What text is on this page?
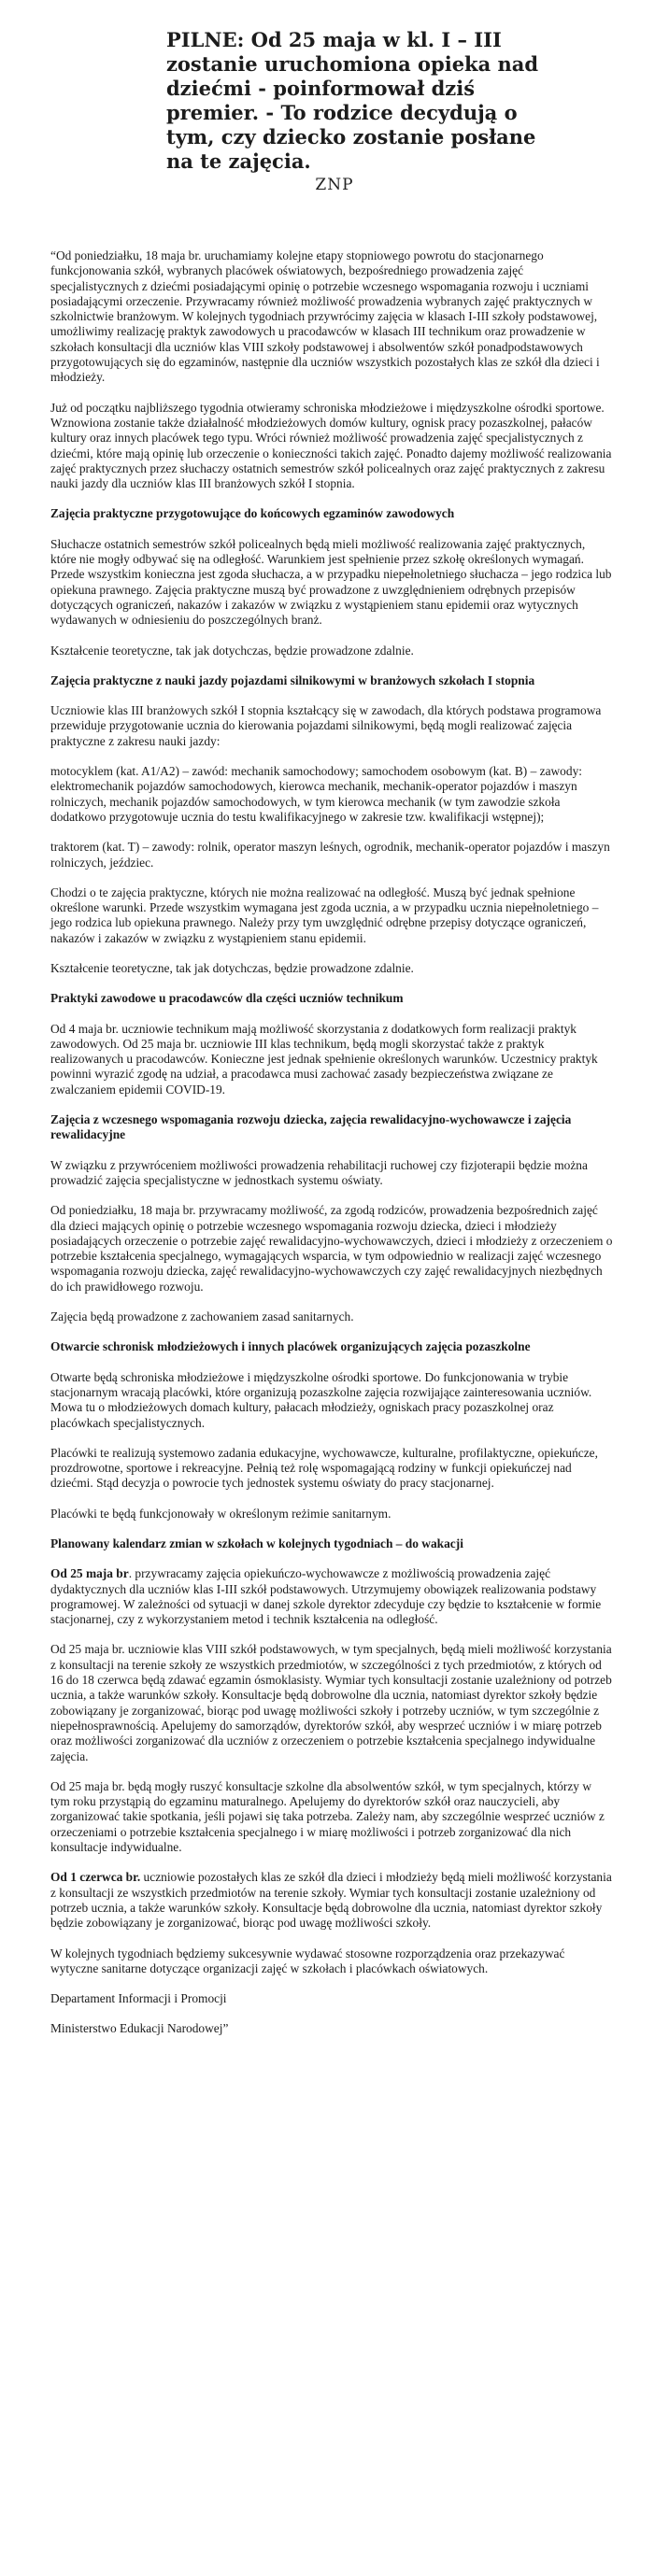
PILNE: Od 25 maja w kl. I – III zostanie uruchomiona opieka nad dziećmi - poinformował dziś premier. - To rodzice decydują o tym, czy dziecko zostanie posłane na te zajęcia.
ZNP

“Od poniedziałku, 18 maja br. uruchamiamy kolejne etapy stopniowego powrotu do stacjonarnego funkcjonowania szkół, wybranych placówek oświatowych, bezpośredniego prowadzenia zajęć specjalistycznych z dziećmi posiadającymi opinię o potrzebie wczesnego wspomagania rozwoju i uczniami posiadającymi orzeczenie. Przywracamy również możliwość prowadzenia wybranych zajęć praktycznych w szkolnictwie branżowym. W kolejnych tygodniach przywrócimy zajęcia w klasach I-III szkoły podstawowej, umożliwimy realizację praktyk zawodowych u pracodawców w klasach III technikum oraz prowadzenie w szkołach konsultacji dla uczniów klas VIII szkoły podstawowej i absolwentów szkół ponadpodstawowych przygotowujących się do egzaminów, następnie dla uczniów wszystkich pozostałych klas ze szkół dla dzieci i młodzieży.

Już od początku najbliższego tygodnia otwieramy schroniska młodzieżowe i międzyszkolne ośrodki sportowe. Wznowiona zostanie także działalność młodzieżowych domów kultury, ognisk pracy pozaszkolnej, pałaców kultury oraz innych placówek tego typu. Wróci również możliwość prowadzenia zajęć specjalistycznych z dziećmi, które mają opinię lub orzeczenie o konieczności takich zajęć. Ponadto dajemy możliwość realizowania zajęć praktycznych przez słuchaczy ostatnich semestrów szkół policealnych oraz zajęć praktycznych z zakresu nauki jazdy dla uczniów klas III branżowych szkół I stopnia.

Zajęcia praktyczne przygotowujące do końcowych egzaminów zawodowych

Słuchacze ostatnich semestrów szkół policealnych będą mieli możliwość realizowania zajęć praktycznych, które nie mogły odbywać się na odległość. Warunkiem jest spełnienie przez szkołę określonych wymagań. Przede wszystkim konieczna jest zgoda słuchacza, a w przypadku niepełnoletniego słuchacza – jego rodzica lub opiekuna prawnego. Zajęcia praktyczne muszą być prowadzone z uwzględnieniem odrębnych przepisów dotyczących ograniczeń, nakazów i zakazów w związku z wystąpieniem stanu epidemii oraz wytycznych wydawanych w odniesieniu do poszczególnych branż.

Kształcenie teoretyczne, tak jak dotychczas, będzie prowadzone zdalnie.

Zajęcia praktyczne z nauki jazdy pojazdami silnikowymi w branżowych szkołach I stopnia

Uczniowie klas III branżowych szkół I stopnia kształcący się w zawodach, dla których podstawa programowa przewiduje przygotowanie ucznia do kierowania pojazdami silnikowymi, będą mogli realizować zajęcia praktyczne z zakresu nauki jazdy:

motocyklem (kat. A1/A2) – zawód: mechanik samochodowy; samochodem osobowym (kat. B) – zawody: elektromechanik pojazdów samochodowych, kierowca mechanik, mechanik-operator pojazdów i maszyn rolniczych, mechanik pojazdów samochodowych, w tym kierowca mechanik (w tym zawodzie szkoła dodatkowo przygotowuje ucznia do testu kwalifikacyjnego w zakresie tzw. kwalifikacji wstępnej);

traktorem (kat. T) – zawody: rolnik, operator maszyn leśnych, ogrodnik, mechanik-operator pojazdów i maszyn rolniczych, jeździec.

Chodzi o te zajęcia praktyczne, których nie można realizować na odległość. Muszą być jednak spełnione określone warunki. Przede wszystkim wymagana jest zgoda ucznia, a w przypadku ucznia niepełnoletniego – jego rodzica lub opiekuna prawnego. Należy przy tym uwzględnić odrębne przepisy dotyczące ograniczeń, nakazów i zakazów w związku z wystąpieniem stanu epidemii.

Kształcenie teoretyczne, tak jak dotychczas, będzie prowadzone zdalnie.

Praktyki zawodowe u pracodawców dla części uczniów technikum

Od 4 maja br. uczniowie technikum mają możliwość skorzystania z dodatkowych form realizacji praktyk zawodowych. Od 25 maja br. uczniowie III klas technikum, będą mogli skorzystać także z praktyk realizowanych u pracodawców. Konieczne jest jednak spełnienie określonych warunków. Uczestnicy praktyk powinni wyrazić zgodę na udział, a pracodawca musi zachować zasady bezpieczeństwa związane ze zwalczaniem epidemii COVID-19.

Zajęcia z wczesnego wspomagania rozwoju dziecka, zajęcia rewalidacyjno-wychowawcze i zajęcia rewalidacyjne

W związku z przywróceniem możliwości prowadzenia rehabilitacji ruchowej czy fizjoterapii będzie można prowadzić zajęcia specjalistyczne w jednostkach systemu oświaty.

Od poniedziałku, 18 maja br. przywracamy możliwość, za zgodą rodziców, prowadzenia bezpośrednich zajęć dla dzieci mających opinię o potrzebie wczesnego wspomagania rozwoju dziecka, dzieci i młodzieży posiadających orzeczenie o potrzebie zajęć rewalidacyjno-wychowawczych, dzieci i młodzieży z orzeczeniem o potrzebie kształcenia specjalnego, wymagających wsparcia, w tym odpowiednio w realizacji zajęć wczesnego wspomagania rozwoju dziecka, zajęć rewalidacyjno-wychowawczych czy zajęć rewalidacyjnych niezbędnych do ich prawidłowego rozwoju.

Zajęcia będą prowadzone z zachowaniem zasad sanitarnych.

Otwarcie schronisk młodzieżowych i innych placówek organizujących zajęcia pozaszkolne

Otwarte będą schroniska młodzieżowe i międzyszkolne ośrodki sportowe. Do funkcjonowania w trybie stacjonarnym wracają placówki, które organizują pozaszkolne zajęcia rozwijające zainteresowania uczniów. Mowa tu o młodzieżowych domach kultury, pałacach młodzieży, ogniskach pracy pozaszkolnej oraz placówkach specjalistycznych.

Placówki te realizują systemowo zadania edukacyjne, wychowawcze, kulturalne, profilaktyczne, opiekuńcze, prozdrowotne, sportowe i rekreacyjne. Pełnią też rolę wspomagającą rodziny w funkcji opiekuńczej nad dziećmi. Stąd decyzja o powrocie tych jednostek systemu oświaty do pracy stacjonarnej.

Placówki te będą funkcjonowały w określonym reżimie sanitarnym.

Planowany kalendarz zmian w szkołach w kolejnych tygodniach – do wakacji

Od 25 maja br. przywracamy zajęcia opiekuńczo-wychowawcze z możliwością prowadzenia zajęć dydaktycznych dla uczniów klas I-III szkół podstawowych. Utrzymujemy obowiązek realizowania podstawy programowej. W zależności od sytuacji w danej szkole dyrektor zdecyduje czy będzie to kształcenie w formie stacjonarnej, czy z wykorzystaniem metod i technik kształcenia na odległość.

Od 25 maja br. uczniowie klas VIII szkół podstawowych, w tym specjalnych, będą mieli możliwość korzystania z konsultacji na terenie szkoły ze wszystkich przedmiotów, w szczególności z tych przedmiotów, z których od 16 do 18 czerwca będą zdawać egzamin ósmoklasisty. Wymiar tych konsultacji zostanie uzależniony od potrzeb ucznia, a także warunków szkoły. Konsultacje będą dobrowolne dla ucznia, natomiast dyrektor szkoły będzie zobowiązany je zorganizować, biorąc pod uwagę możliwości szkoły i potrzeby uczniów, w tym szczególnie z niepełnosprawnością. Apelujemy do samorządów, dyrektorów szkół, aby wesprzeć uczniów i w miarę potrzeb oraz możliwości zorganizować dla uczniów z orzeczeniem o potrzebie kształcenia specjalnego indywidualne zajęcia.

Od 25 maja br. będą mogły ruszyć konsultacje szkolne dla absolwentów szkół, w tym specjalnych, którzy w tym roku przystąpią do egzaminu maturalnego. Apelujemy do dyrektorów szkół oraz nauczycieli, aby zorganizować takie spotkania, jeśli pojawi się taka potrzeba. Zależy nam, aby szczególnie wesprzeć uczniów z orzeczeniami o potrzebie kształcenia specjalnego i w miarę możliwości i potrzeb zorganizować dla nich konsultacje indywidualne.

Od 1 czerwca br. uczniowie pozostałych klas ze szkół dla dzieci i młodzieży będą mieli możliwość korzystania z konsultacji ze wszystkich przedmiotów na terenie szkoły. Wymiar tych konsultacji zostanie uzależniony od potrzeb ucznia, a także warunków szkoły. Konsultacje będą dobrowolne dla ucznia, natomiast dyrektor szkoły będzie zobowiązany je zorganizować, biorąc pod uwagę możliwości szkoły.

W kolejnych tygodniach będziemy sukcesywnie wydawać stosowne rozporządzenia oraz przekazywać wytyczne sanitarne dotyczące organizacji zajęć w szkołach i placówkach oświatowych.

Departament Informacji i Promocji

Ministerstwo Edukacji Narodowej”
